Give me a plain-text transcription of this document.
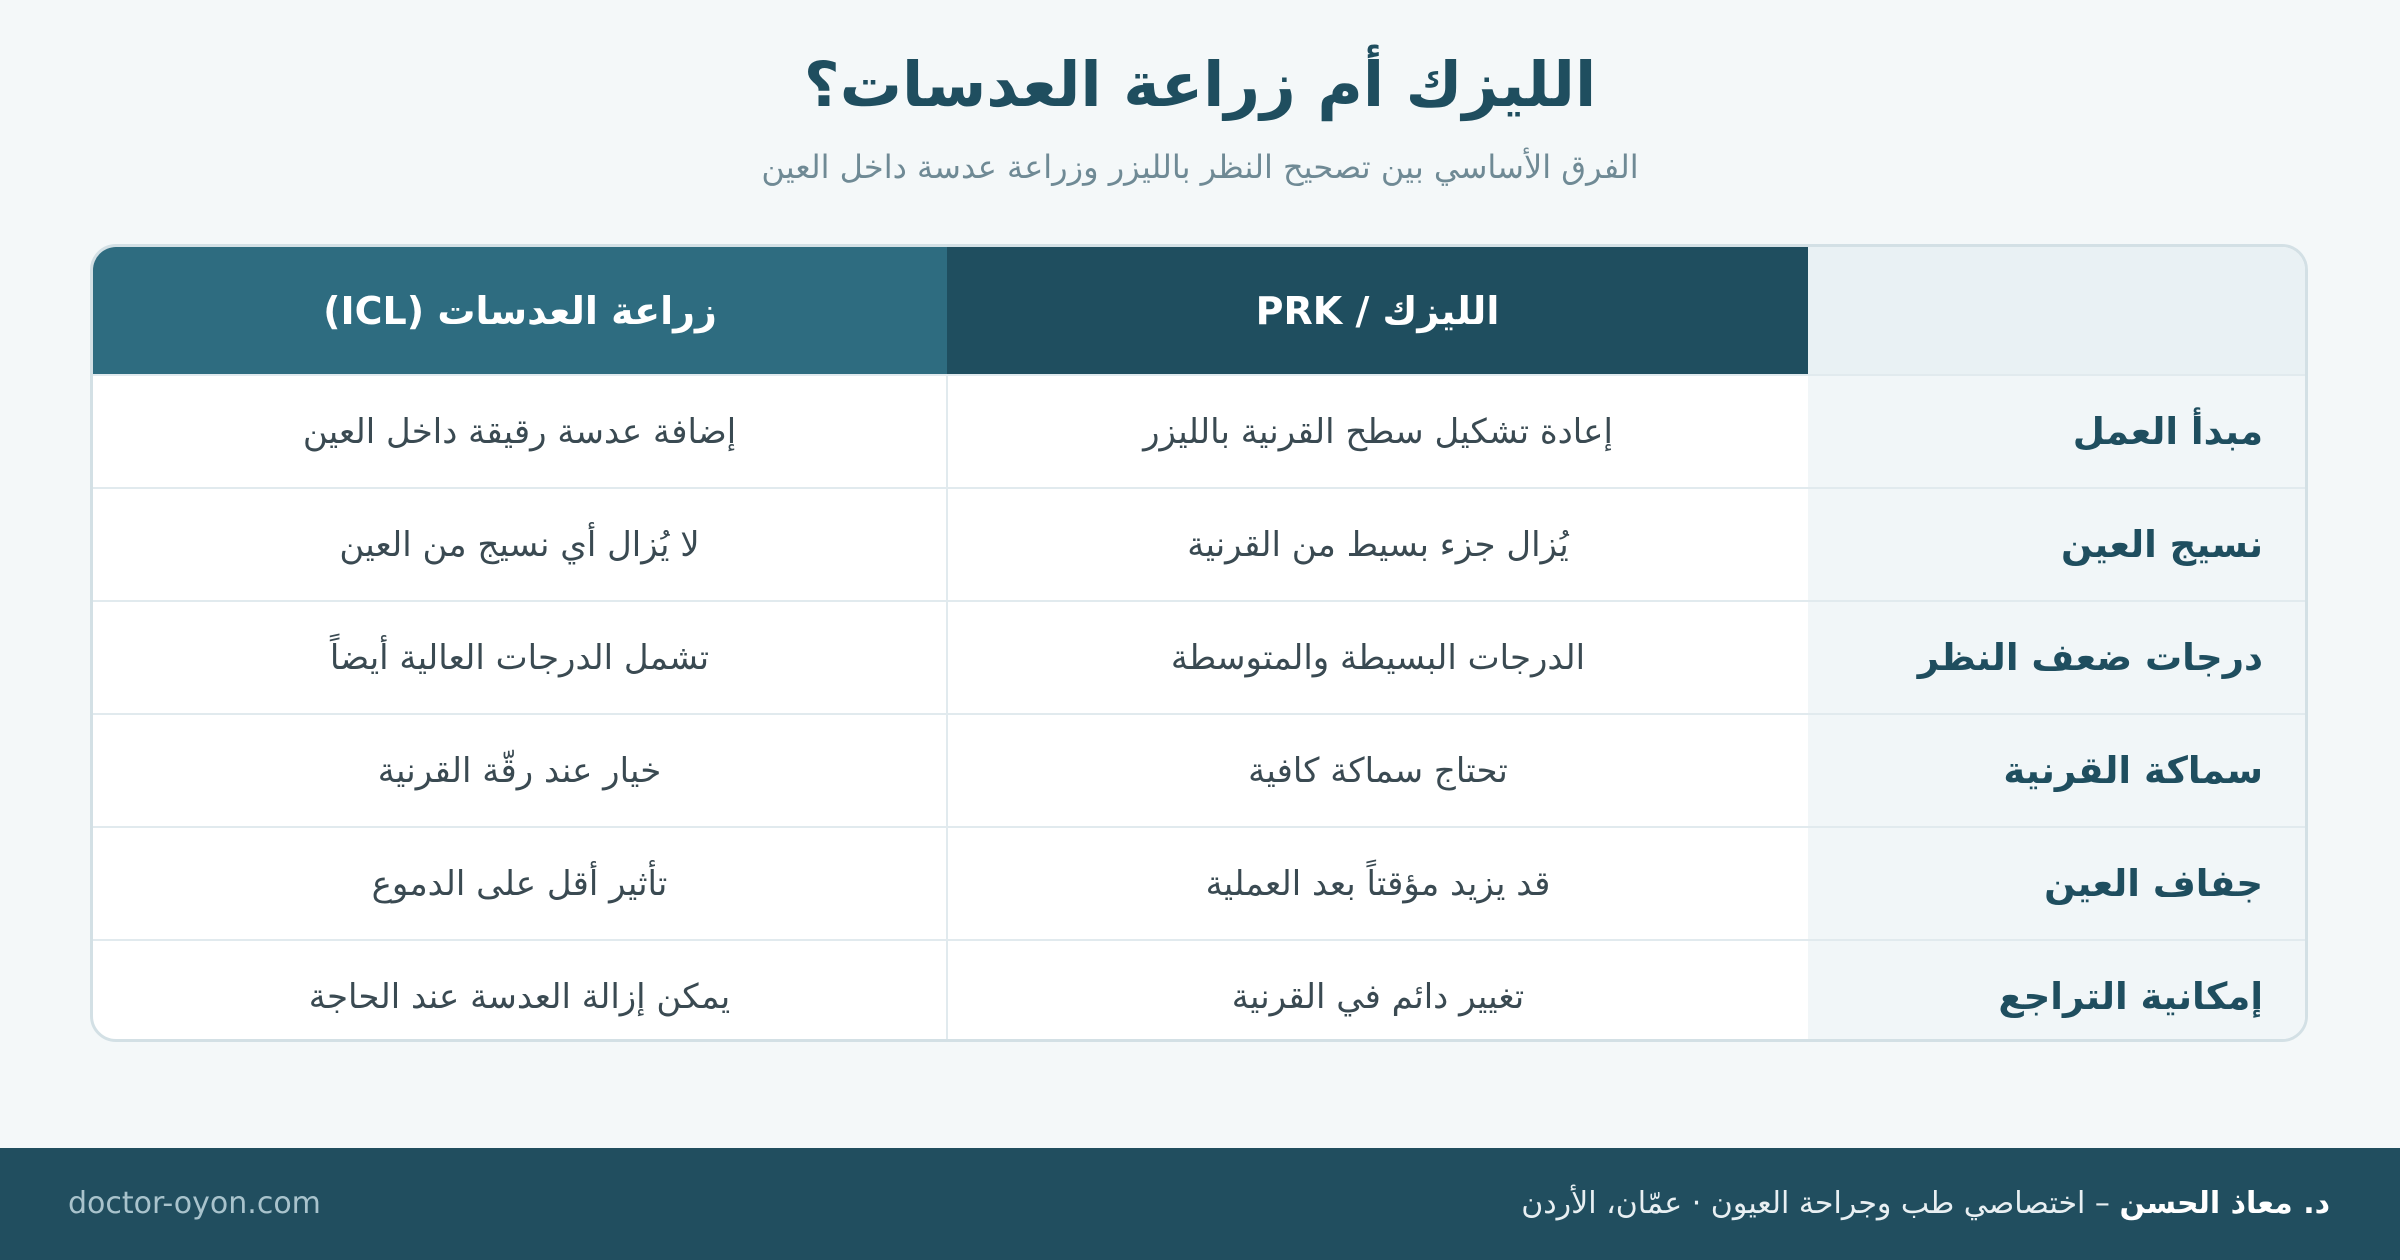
الليزك أم زراعة العدسات؟
الفرق الأساسي بين تصحيح النظر بالليزر وزراعة عدسة داخل العين
	الليزك / PRK	زراعة العدسات (ICL)
مبدأ العمل	إعادة تشكيل سطح القرنية بالليزر	إضافة عدسة رقيقة داخل العين
نسيج العين	يُزال جزء بسيط من القرنية	لا يُزال أي نسيج من العين
درجات ضعف النظر	الدرجات البسيطة والمتوسطة	تشمل الدرجات العالية أيضاً
سماكة القرنية	تحتاج سماكة كافية	خيار عند رقّة القرنية
جفاف العين	قد يزيد مؤقتاً بعد العملية	تأثير أقل على الدموع
إمكانية التراجع	تغيير دائم في القرنية	يمكن إزالة العدسة عند الحاجة
د. معاذ الحسن – اختصاصي طب وجراحة العيون · عمّان، الأردن
doctor-oyon.com
